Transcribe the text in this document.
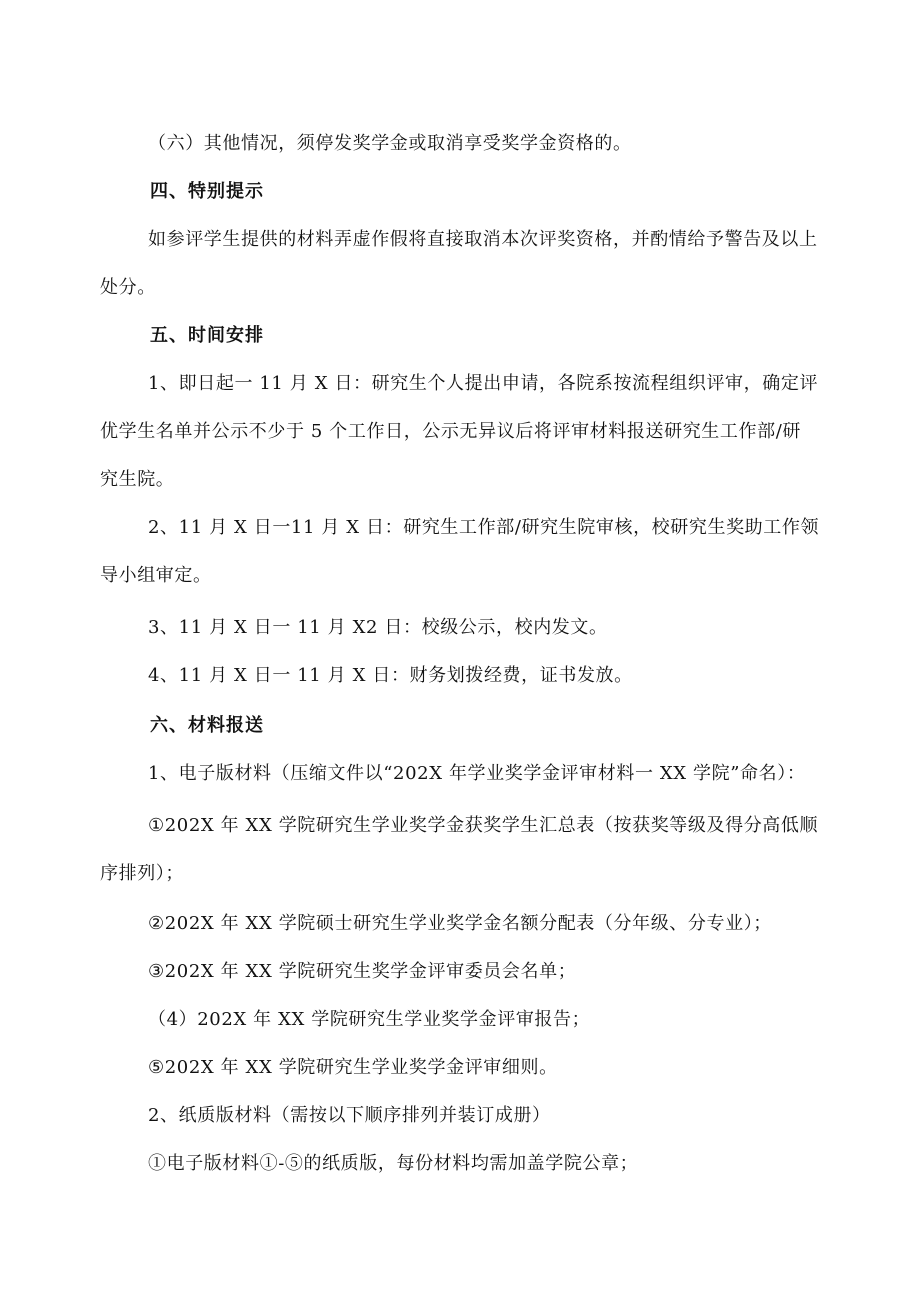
（六）其他情况，须停发奖学金或取消享受奖学金资格的。

四、特别提示

如参评学生提供的材料弄虚作假将直接取消本次评奖资格，并酌情给予警告及以上

处分。

五、时间安排

1、即日起一 11 月 X 日：研究生个人提出申请，各院系按流程组织评审，确定评

优学生名单并公示不少于 5 个工作日，公示无异议后将评审材料报送研究生工作部/研

究生院。

2、11 月 X 日一11 月 X 日：研究生工作部/研究生院审核，校研究生奖助工作领

导小组审定。

3、11 月 X 日一 11 月 X2 日：校级公示，校内发文。

4、11 月 X 日一 11 月 X 日：财务划拨经费，证书发放。

六、材料报送

1、电子版材料（压缩文件以“202X 年学业奖学金评审材料一 XX 学院”命名）：

①202X 年 XX 学院研究生学业奖学金获奖学生汇总表（按获奖等级及得分高低顺

序排列）；

②202X 年 XX 学院硕士研究生学业奖学金名额分配表（分年级、分专业）；

③202X 年 XX 学院研究生奖学金评审委员会名单；

（4）202X 年 XX 学院研究生学业奖学金评审报告；

⑤202X 年 XX 学院研究生学业奖学金评审细则。

2、纸质版材料（需按以下顺序排列并装订成册）

①电子版材料①-⑤的纸质版，每份材料均需加盖学院公章；
